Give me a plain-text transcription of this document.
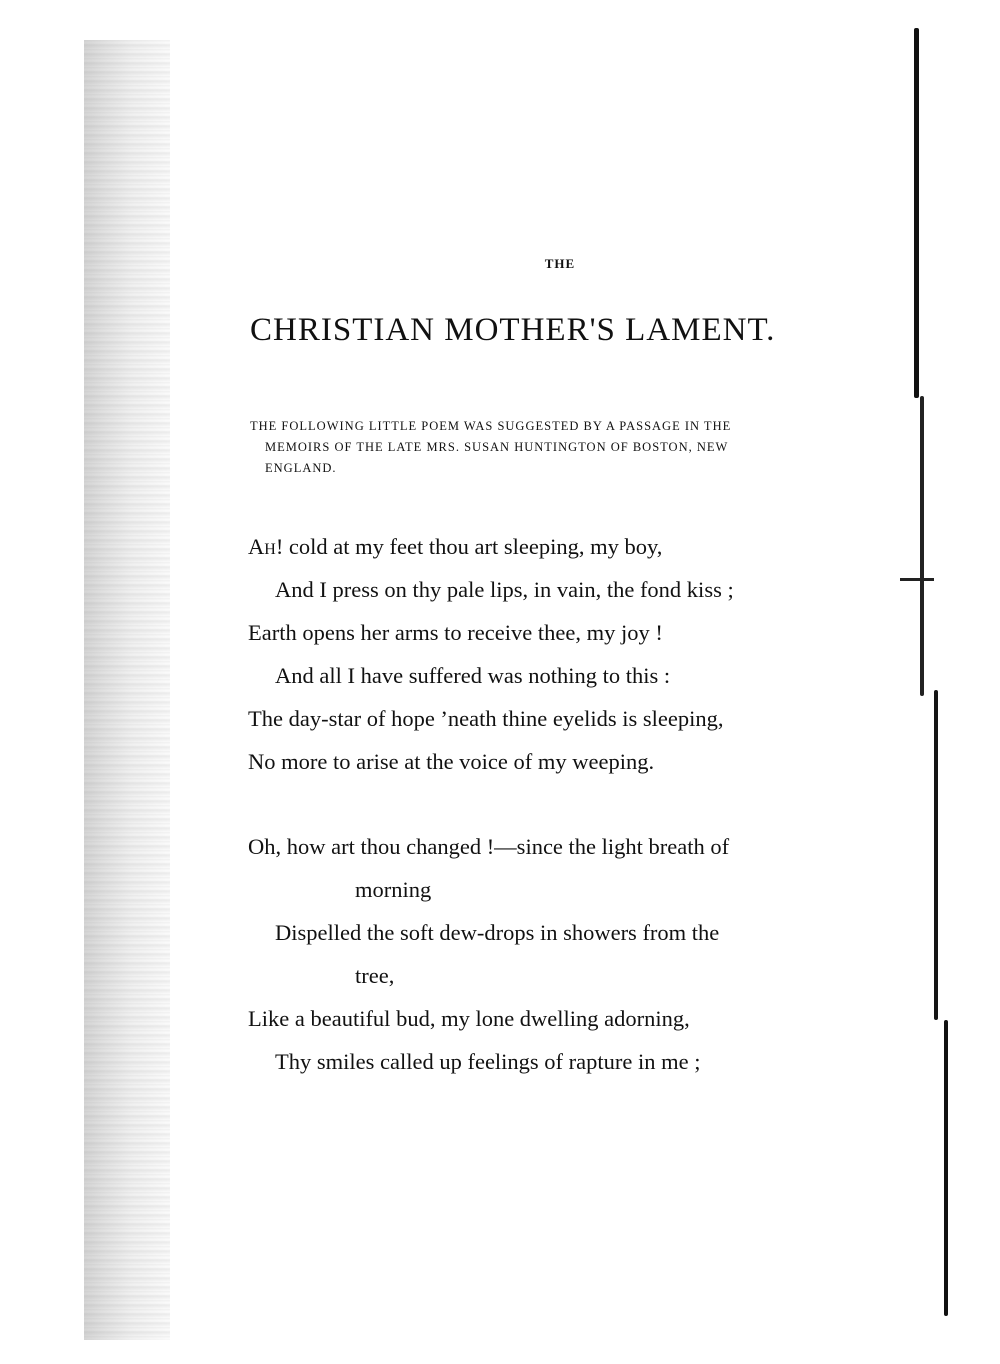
THE
CHRISTIAN MOTHER'S LAMENT.
THE FOLLOWING LITTLE POEM WAS SUGGESTED BY A PASSAGE IN THE
MEMOIRS OF THE LATE MRS. SUSAN HUNTINGTON OF BOSTON, NEW
ENGLAND.
Ah! cold at my feet thou art sleeping, my boy,
And I press on thy pale lips, in vain, the fond kiss ;
Earth opens her arms to receive thee, my joy !
And all I have suffered was nothing to this :
The day-star of hope ’neath thine eyelids is sleeping,
No more to arise at the voice of my weeping.
Oh, how art thou changed !—since the light breath of
morning
Dispelled the soft dew-drops in showers from the
tree,
Like a beautiful bud, my lone dwelling adorning,
Thy smiles called up feelings of rapture in me ;
